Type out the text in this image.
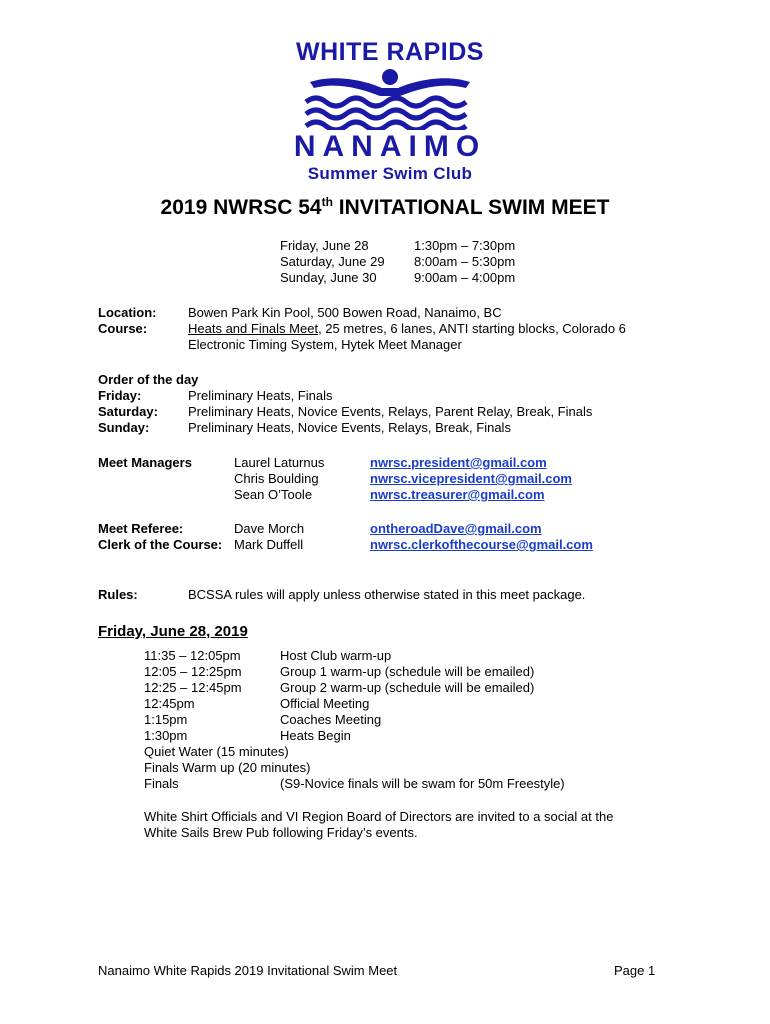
WHITE RAPIDS
NANAIMO
Summer Swim Club
2019 NWRSC 54th INVITATIONAL SWIM MEET
Friday, June 28	1:30pm – 7:30pm
Saturday, June 29 8:00am – 5:30pm
Sunday, June 30	9:00am – 4:00pm
Location: Bowen Park Kin Pool, 500 Bowen Road, Nanaimo, BC
Course:	Heats and Finals Meet, 25 metres, 6 lanes, ANTI starting blocks, Colorado 6
Electronic Timing System, Hytek Meet Manager
Order of the day
Friday:	Preliminary Heats, Finals
Saturday: Preliminary Heats, Novice Events, Relays, Parent Relay, Break, Finals
Sunday:	Preliminary Heats, Novice Events, Relays, Break, Finals
Meet Managers	Laurel Laturnus	nwrsc.president@gmail.com
Chris Boulding	nwrsc.vicepresident@gmail.com
Sean O’Toole	nwrsc.treasurer@gmail.com
Meet Referee:	Dave Morch	ontheroadDave@gmail.com
Clerk of the Course: Mark Duffell	nwrsc.clerkofthecourse@gmail.com
Rules:	BCSSA rules will apply unless otherwise stated in this meet package.
Friday, June 28, 2019
11:35 – 12:05pm	Host Club warm-up
12:05 – 12:25pm	Group 1 warm-up (schedule will be emailed)
12:25 – 12:45pm	Group 2 warm-up (schedule will be emailed)
12:45pm	Official Meeting
1:15pm	Coaches Meeting
1:30pm	Heats Begin
Quiet Water (15 minutes)
Finals Warm up (20 minutes)
Finals	(S9-Novice finals will be swam for 50m Freestyle)
White Shirt Officials and VI Region Board of Directors are invited to a social at the
White Sails Brew Pub following Friday’s events.
Nanaimo White Rapids 2019 Invitational Swim Meet	Page 1
